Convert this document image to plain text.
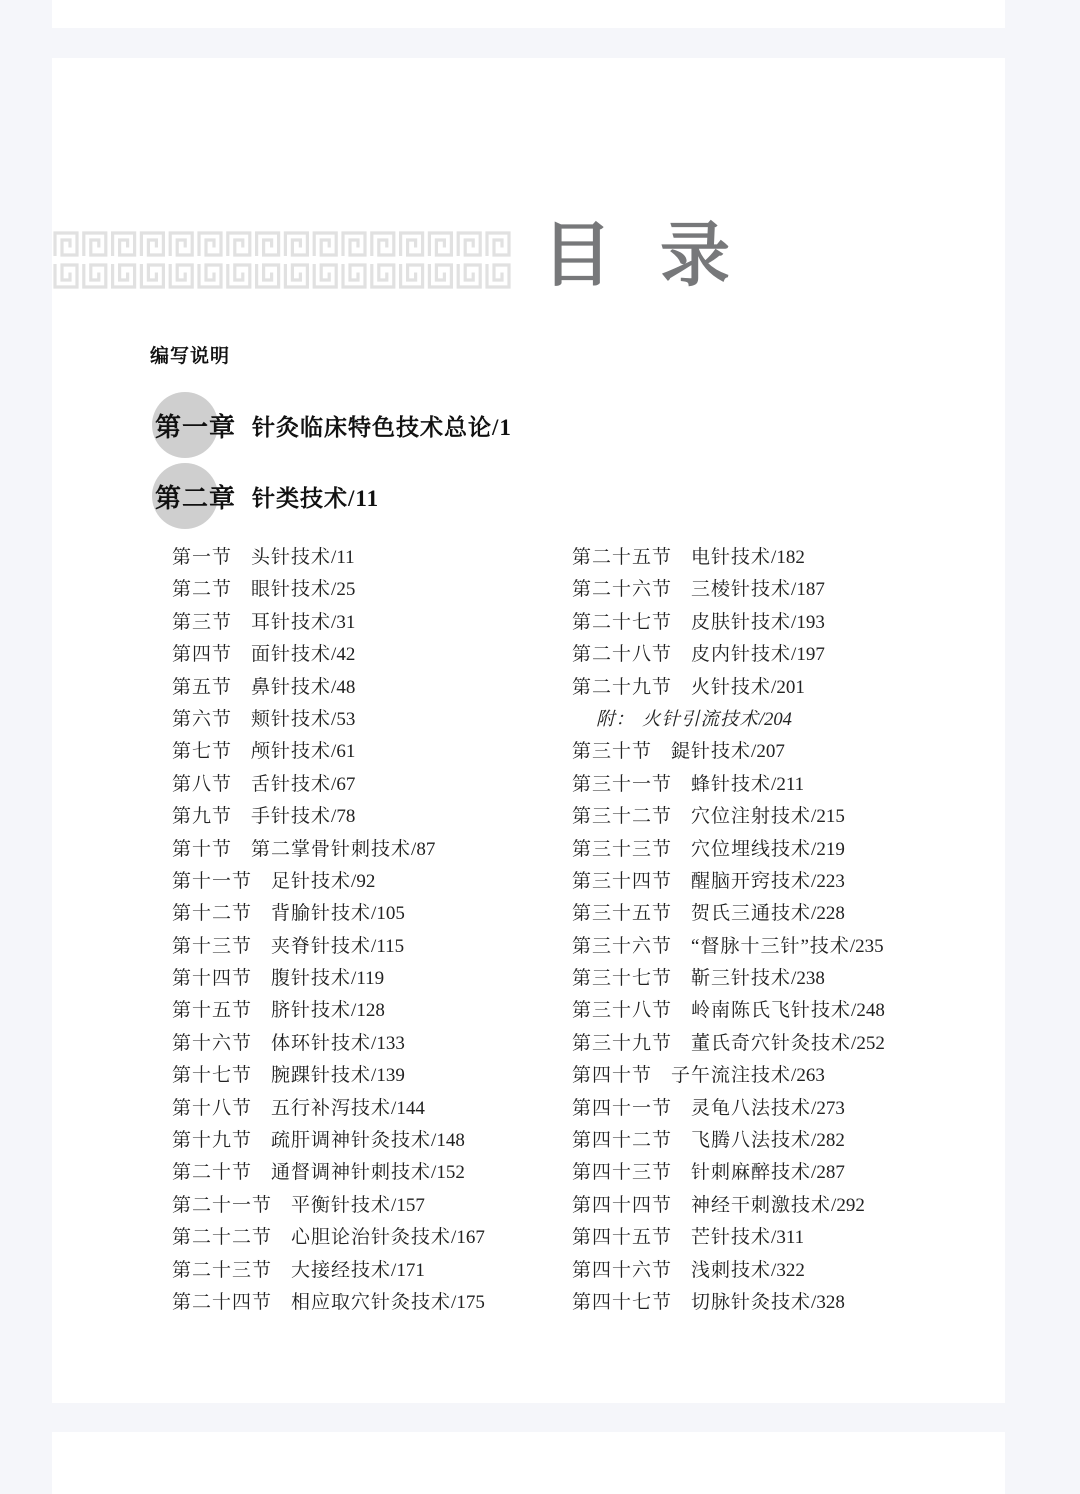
目 录
编写说明
第一章 针灸临床特色技术总论 / 1
第二章 针类技术 / 11
第一节 头针技术 / 11
第二节 眼针技术 / 25
第三节 耳针技术 / 31
第四节 面针技术 / 42
第五节 鼻针技术 / 48
第六节 颊针技术 / 53
第七节 颅针技术 / 61
第八节 舌针技术 / 67
第九节 手针技术 / 78
第十节 第二掌骨针刺技术 / 87
第十一节 足针技术 / 92
第十二节 背腧针技术 / 105
第十三节 夹脊针技术 / 115
第十四节 腹针技术 / 119
第十五节 脐针技术 / 128
第十六节 体环针技术 / 133
第十七节 腕踝针技术 / 139
第十八节 五行补泻技术 / 144
第十九节 疏肝调神针灸技术 / 148
第二十节 通督调神针刺技术 / 152
第二十一节 平衡针技术 / 157
第二十二节 心胆论治针灸技术 / 167
第二十三节 大接经技术 / 171
第二十四节 相应取穴针灸技术 / 175
第二十五节 电针技术 / 182
第二十六节 三棱针技术 / 187
第二十七节 皮肤针技术 / 193
第二十八节 皮内针技术 / 197
第二十九节 火针技术 / 201
附： 火针引流技术 / 204
第三十节 鍉针技术 / 207
第三十一节 蜂针技术 / 211
第三十二节 穴位注射技术 / 215
第三十三节 穴位埋线技术 / 219
第三十四节 醒脑开窍技术 / 223
第三十五节 贺氏三通技术 / 228
第三十六节 “督脉十三针”技术 / 235
第三十七节 靳三针技术 / 238
第三十八节 岭南陈氏飞针技术 / 248
第三十九节 董氏奇穴针灸技术 / 252
第四十节 子午流注技术 / 263
第四十一节 灵龟八法技术 / 273
第四十二节 飞腾八法技术 / 282
第四十三节 针刺麻醉技术 / 287
第四十四节 神经干刺激技术 / 292
第四十五节 芒针技术 / 311
第四十六节 浅刺技术 / 322
第四十七节 切脉针灸技术 / 328
